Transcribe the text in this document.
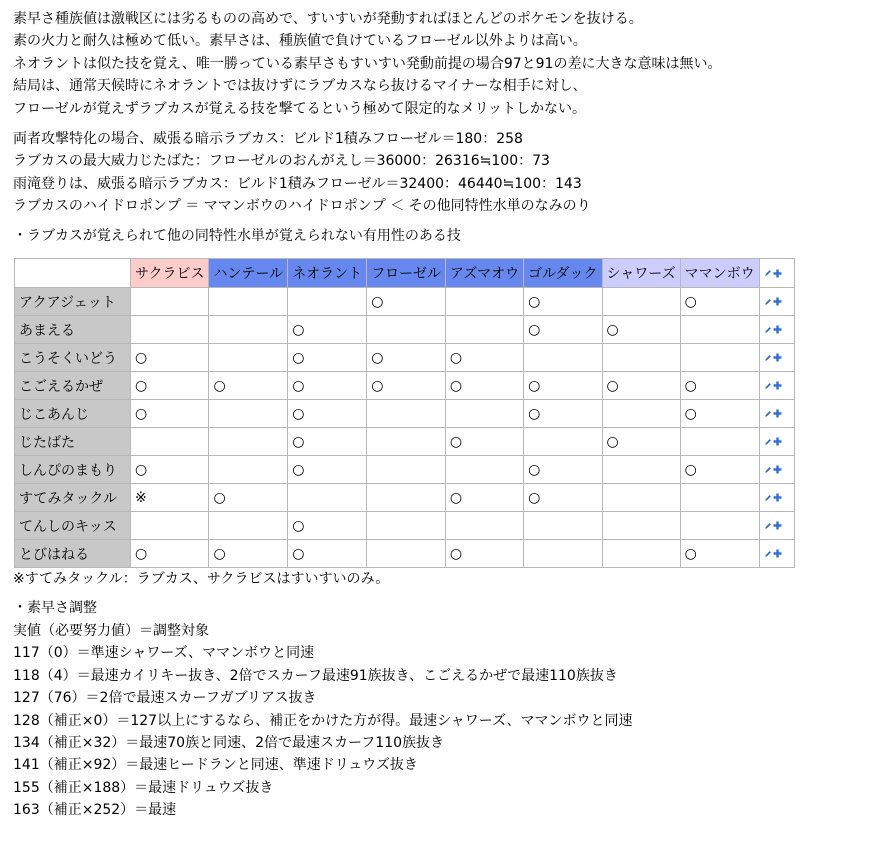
素早さ種族値は激戦区には劣るものの高めで、すいすいが発動すればほとんどのポケモンを抜ける。

素の火力と耐久は極めて低い。素早さは、種族値で負けているフローゼル以外よりは高い。

ネオラントは似た技を覚え、唯一勝っている素早さもすいすい発動前提の場合97と91の差に大きな意味は無い。

結局は、通常天候時にネオラントでは抜けずにラブカスなら抜けるマイナーな相手に対し、

フローゼルが覚えずラブカスが覚える技を撃てるという極めて限定的なメリットしかない。

両者攻撃特化の場合、威張る暗示ラブカス：ビルド1積みフローゼル＝180：258

ラブカスの最大威力じたばた：フローゼルのおんがえし＝36000：26316≒100：73

雨滝登りは、威張る暗示ラブカス：ビルド1積みフローゼル＝32400：46440≒100：143

ラブカスのハイドロポンプ ＝ ママンボウのハイドロポンプ ＜ その他同特性水単のなみのり

・ラブカスが覚えられて他の同特性水単が覚えられない有用性のある技

	サクラビス	ハンテール	ネオラント	フローゼル	アズマオウ	ゴルダック	シャワーズ	ママンボウ	

アクアジェット				○		○		○	

あまえる			○			○	○		

こうそくいどう	○		○	○	○				

こごえるかぜ	○	○	○	○	○	○	○	○	

じこあんじ	○		○			○		○	

じたばた			○		○		○		

しんぴのまもり	○		○			○		○	

すてみタックル	※	○			○	○			

てんしのキッス			○						

とびはねる	○	○	○		○			○	

※すてみタックル：ラブカス、サクラビスはすいすいのみ。

・素早さ調整

実値（必要努力値）＝調整対象

117（0）＝準速シャワーズ、ママンボウと同速

118（4）＝最速カイリキー抜き、2倍でスカーフ最速91族抜き、こごえるかぜで最速110族抜き

127（76）＝2倍で最速スカーフガブリアス抜き

128（補正×0）＝127以上にするなら、補正をかけた方が得。最速シャワーズ、ママンボウと同速

134（補正×32）＝最速70族と同速、2倍で最速スカーフ110族抜き

141（補正×92）＝最速ヒードランと同速、準速ドリュウズ抜き

155（補正×188）＝最速ドリュウズ抜き

163（補正×252）＝最速
